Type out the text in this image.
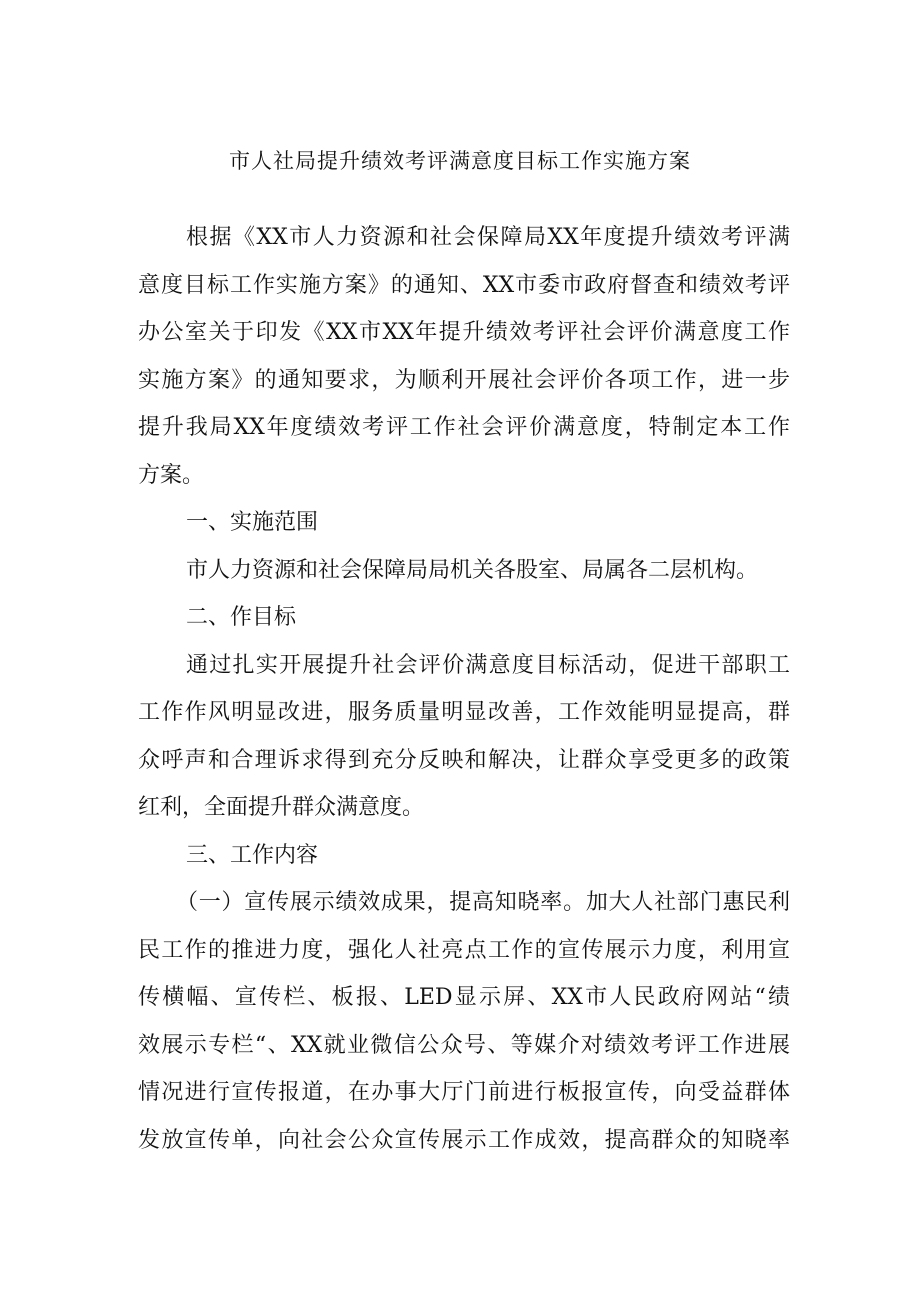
市人社局提升绩效考评满意度目标工作实施方案
根据《XX市人力资源和社会保障局XX年度提升绩效考评满
意度目标工作实施方案》的通知、XX市委市政府督查和绩效考评
办公室关于印发《XX市XX年提升绩效考评社会评价满意度工作
实施方案》的通知要求，为顺利开展社会评价各项工作，进一步
提升我局XX年度绩效考评工作社会评价满意度，特制定本工作
方案。
一、实施范围
市人力资源和社会保障局局机关各股室、局属各二层机构。
二、作目标
通过扎实开展提升社会评价满意度目标活动，促进干部职工
工作作风明显改进，服务质量明显改善，工作效能明显提高，群
众呼声和合理诉求得到充分反映和解决，让群众享受更多的政策
红利，全面提升群众满意度。
三、工作内容
（一）宣传展示绩效成果，提高知晓率。加大人社部门惠民利
民工作的推进力度，强化人社亮点工作的宣传展示力度，利用宣
传横幅、宣传栏、板报、LED显示屏、XX市人民政府网站“绩
效展示专栏“、XX就业微信公众号、等媒介对绩效考评工作进展
情况进行宣传报道，在办事大厅门前进行板报宣传，向受益群体
发放宣传单，向社会公众宣传展示工作成效，提高群众的知晓率
